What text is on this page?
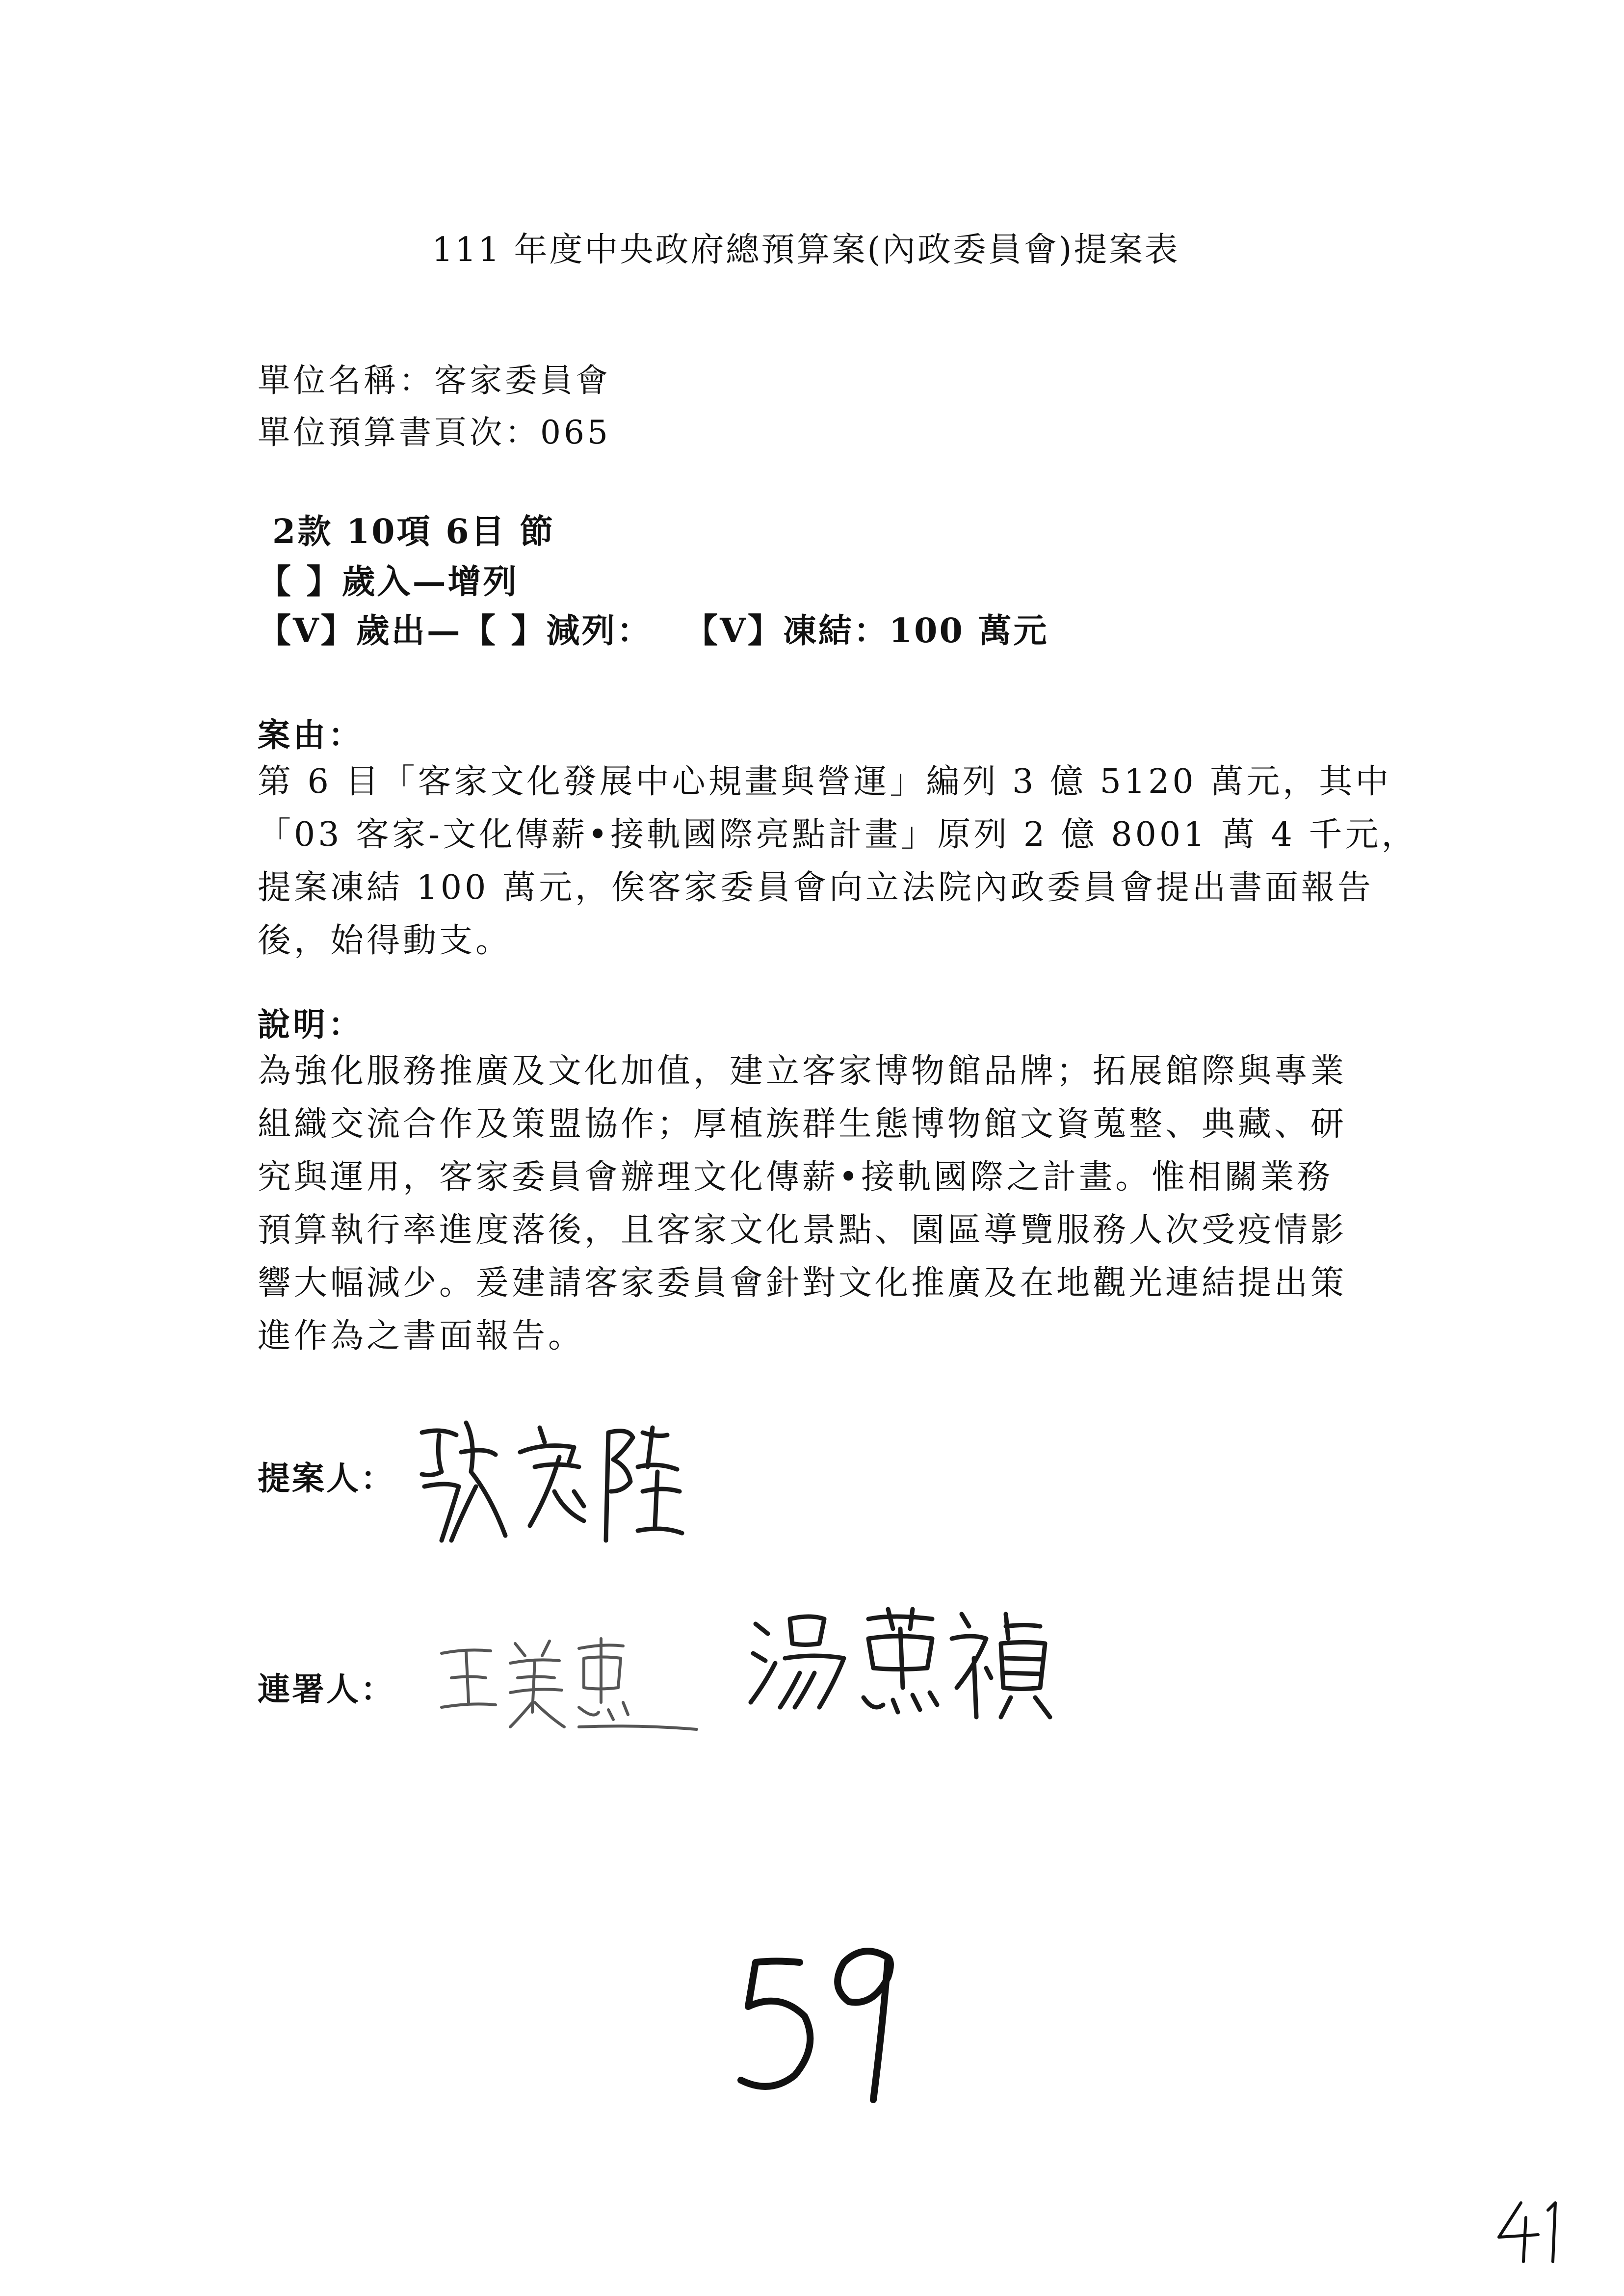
111 年度中央政府總預算案(內政委員會)提案表
單位名稱：客家委員會
單位預算書頁次：065
2款 10項 6目 節
【 】歲入—增列
【V】歲出—【 】減列：　 【V】凍結：100 萬元
案由：
第 6 目「客家文化發展中心規畫與營運」編列 3 億 5120 萬元，其中
「03 客家-文化傳薪•接軌國際亮點計畫」原列 2 億 8001 萬 4 千元，
提案凍結 100 萬元，俟客家委員會向立法院內政委員會提出書面報告
後，始得動支。
說明：
為強化服務推廣及文化加值，建立客家博物館品牌；拓展館際與專業
組織交流合作及策盟協作；厚植族群生態博物館文資蒐整、典藏、研
究與運用，客家委員會辦理文化傳薪•接軌國際之計畫。惟相關業務
預算執行率進度落後，且客家文化景點、園區導覽服務人次受疫情影
響大幅減少。爰建請客家委員會針對文化推廣及在地觀光連結提出策
進作為之書面報告。
提案人：
連署人：
